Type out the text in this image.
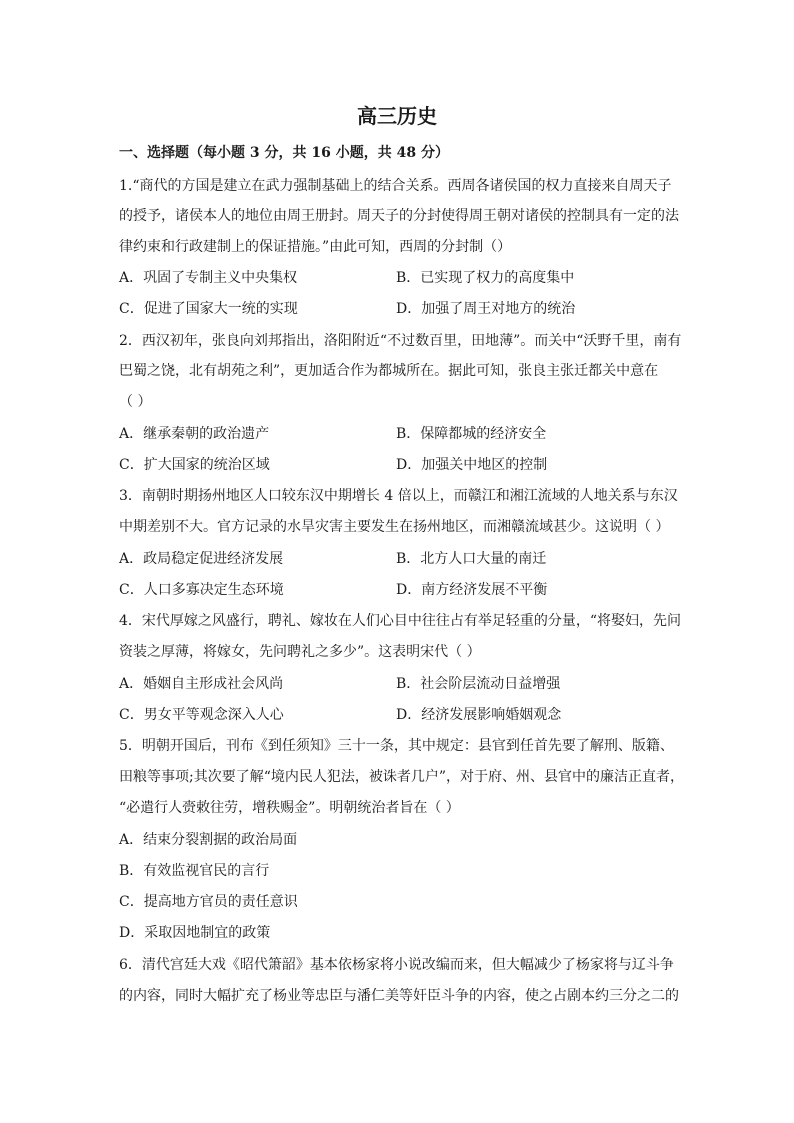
高三历史
一、选择题（每小题 3 分，共 16 小题，共 48 分）
1.“商代的方国是建立在武力强制基础上的结合关系。西周各诸侯国的权力直接来自周天子
的授予，诸侯本人的地位由周王册封。周天子的分封使得周王朝对诸侯的控制具有一定的法
律约束和行政建制上的保证措施。”由此可知，西周的分封制（）
A．巩固了专制主义中央集权	B．已实现了权力的高度集中
C．促进了国家大一统的实现	D．加强了周王对地方的统治
2．西汉初年，张良向刘邦指出，洛阳附近“不过数百里，田地薄”。而关中“沃野千里，南有
巴蜀之饶，北有胡苑之利”，更加适合作为都城所在。据此可知，张良主张迁都关中意在
（ ）
A．继承秦朝的政治遗产	B．保障都城的经济安全
C．扩大国家的统治区域	D．加强关中地区的控制
3．南朝时期扬州地区人口较东汉中期增长 4 倍以上，而赣江和湘江流域的人地关系与东汉
中期差别不大。官方记录的水旱灾害主要发生在扬州地区，而湘赣流域甚少。这说明（ ）
A．政局稳定促进经济发展	B．北方人口大量的南迁
C．人口多寡决定生态环境	D．南方经济发展不平衡
4．宋代厚嫁之风盛行，聘礼、嫁妆在人们心目中往往占有举足轻重的分量，“将娶妇，先问
资装之厚薄，将嫁女，先问聘礼之多少”。这表明宋代（ ）
A．婚姻自主形成社会风尚	B．社会阶层流动日益增强
C．男女平等观念深入人心	D．经济发展影响婚姻观念
5．明朝开国后，刊布《到任须知》三十一条，其中规定：县官到任首先要了解刑、版籍、
田粮等事项;其次要了解“境内民人犯法，被诛者几户”，对于府、州、县官中的廉洁正直者，
“必遣行人赍敕往劳，增秩赐金”。明朝统治者旨在（ ）
A．结束分裂割据的政治局面
B．有效监视官民的言行
C．提高地方官员的责任意识
D．采取因地制宜的政策
6．清代宫廷大戏《昭代箫韶》基本依杨家将小说改编而来，但大幅减少了杨家将与辽斗争
的内容，同时大幅扩充了杨业等忠臣与潘仁美等奸臣斗争的内容，使之占剧本约三分之二的
